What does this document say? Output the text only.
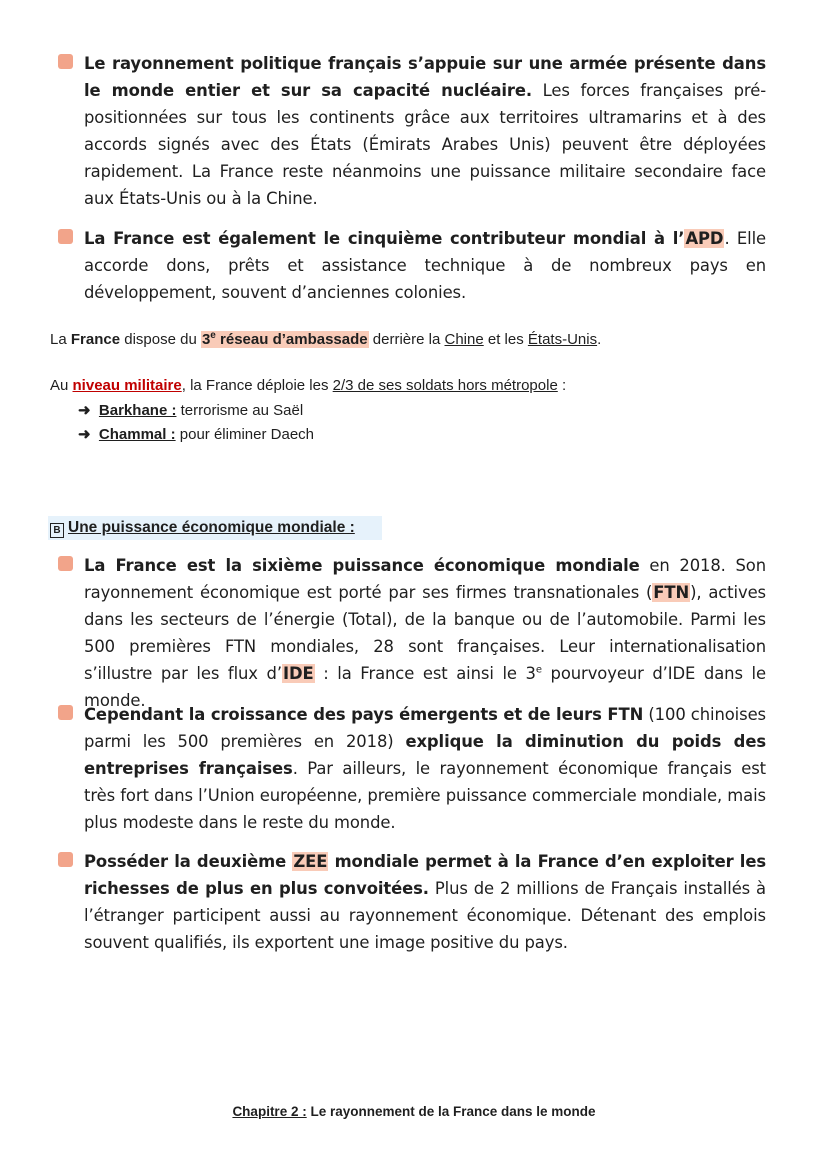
Le rayonnement politique français s’appuie sur une armée présente dans le monde entier et sur sa capacité nucléaire. Les forces françaises pré-positionnées sur tous les continents grâce aux territoires ultramarins et à des accords signés avec des États (Émirats Arabes Unis) peuvent être déployées rapidement. La France reste néanmoins une puissance militaire secondaire face aux États-Unis ou à la Chine.
La France est également le cinquième contributeur mondial à l’APD. Elle accorde dons, prêts et assistance technique à de nombreux pays en développement, souvent d’anciennes colonies.
La France dispose du 3e réseau d’ambassade derrière la Chine et les États-Unis.
Au niveau militaire, la France déploie les 2/3 de ses soldats hors métropole :
➜ Barkhane : terrorisme au Saël
➜ Chammal : pour éliminer Daech
B Une puissance économique mondiale :
La France est la sixième puissance économique mondiale en 2018. Son rayonnement économique est porté par ses firmes transnationales (FTN), actives dans les secteurs de l’énergie (Total), de la banque ou de l’automobile. Parmi les 500 premières FTN mondiales, 28 sont françaises. Leur internationalisation s’illustre par les flux d’IDE : la France est ainsi le 3e pourvoyeur d’IDE dans le monde.
Cependant la croissance des pays émergents et de leurs FTN (100 chinoises parmi les 500 premières en 2018) explique la diminution du poids des entreprises françaises. Par ailleurs, le rayonnement économique français est très fort dans l’Union européenne, première puissance commerciale mondiale, mais plus modeste dans le reste du monde.
Posséder la deuxième ZEE mondiale permet à la France d’en exploiter les richesses de plus en plus convoitées. Plus de 2 millions de Français installés à l’étranger participent aussi au rayonnement économique. Détenant des emplois souvent qualifiés, ils exportent une image positive du pays.
Chapitre 2 : Le rayonnement de la France dans le monde
